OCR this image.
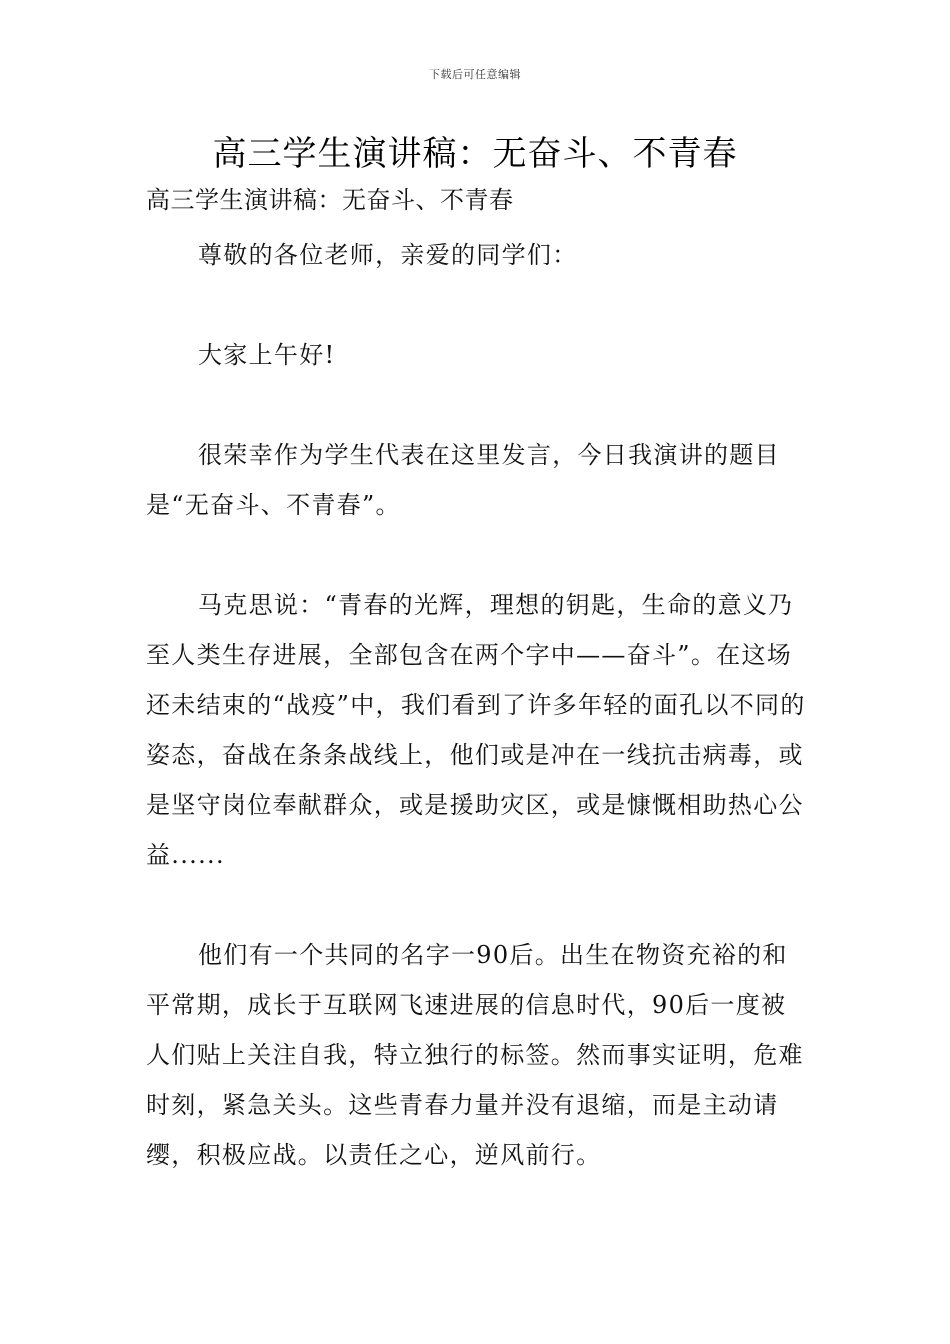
下载后可任意编辑
高三学生演讲稿：无奋斗、不青春

高三学生演讲稿：无奋斗、不青春

尊敬的各位老师，亲爱的同学们：

大家上午好!

很荣幸作为学生代表在这里发言，今日我演讲的题目是“无奋斗、不青春”。

马克思说：“青春的光辉，理想的钥匙，生命的意义乃至人类生存进展，全部包含在两个字中——奋斗”。在这场还未结束的“战疫”中，我们看到了许多年轻的面孔以不同的姿态，奋战在条条战线上，他们或是冲在一线抗击病毒，或是坚守岗位奉献群众，或是援助灾区，或是慷慨相助热心公益......

他们有一个共同的名字一90后。出生在物资充裕的和平常期，成长于互联网飞速进展的信息时代，90后一度被人们贴上关注自我，特立独行的标签。然而事实证明，危难时刻，紧急关头。这些青春力量并没有退缩，而是主动请缨，积极应战。以责任之心，逆风前行。
